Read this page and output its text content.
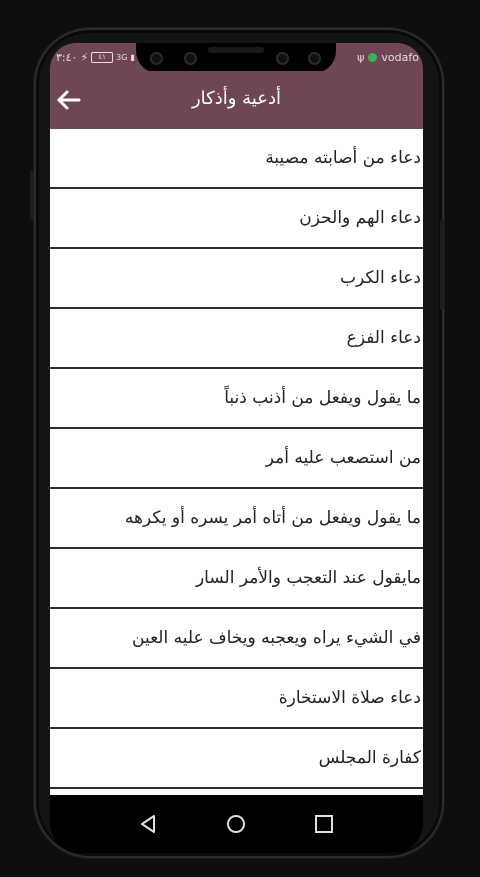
٣:٤٠ ⚡	٤١	3G ▮	ψ vodafo
أدعية وأذكار
دعاء من أصابته مصيبة
دعاء الهم والحزن
دعاء الكرب
دعاء الفزع
ما يقول ويفعل من أذنب ذنباً
من استصعب عليه أمر
ما يقول ويفعل من أتاه أمر يسره أو يكرهه
مايقول عند التعجب والأمر السار
في الشيء يراه ويعجبه ويخاف عليه العين
دعاء صلاة الاستخارة
كفارة المجلس
